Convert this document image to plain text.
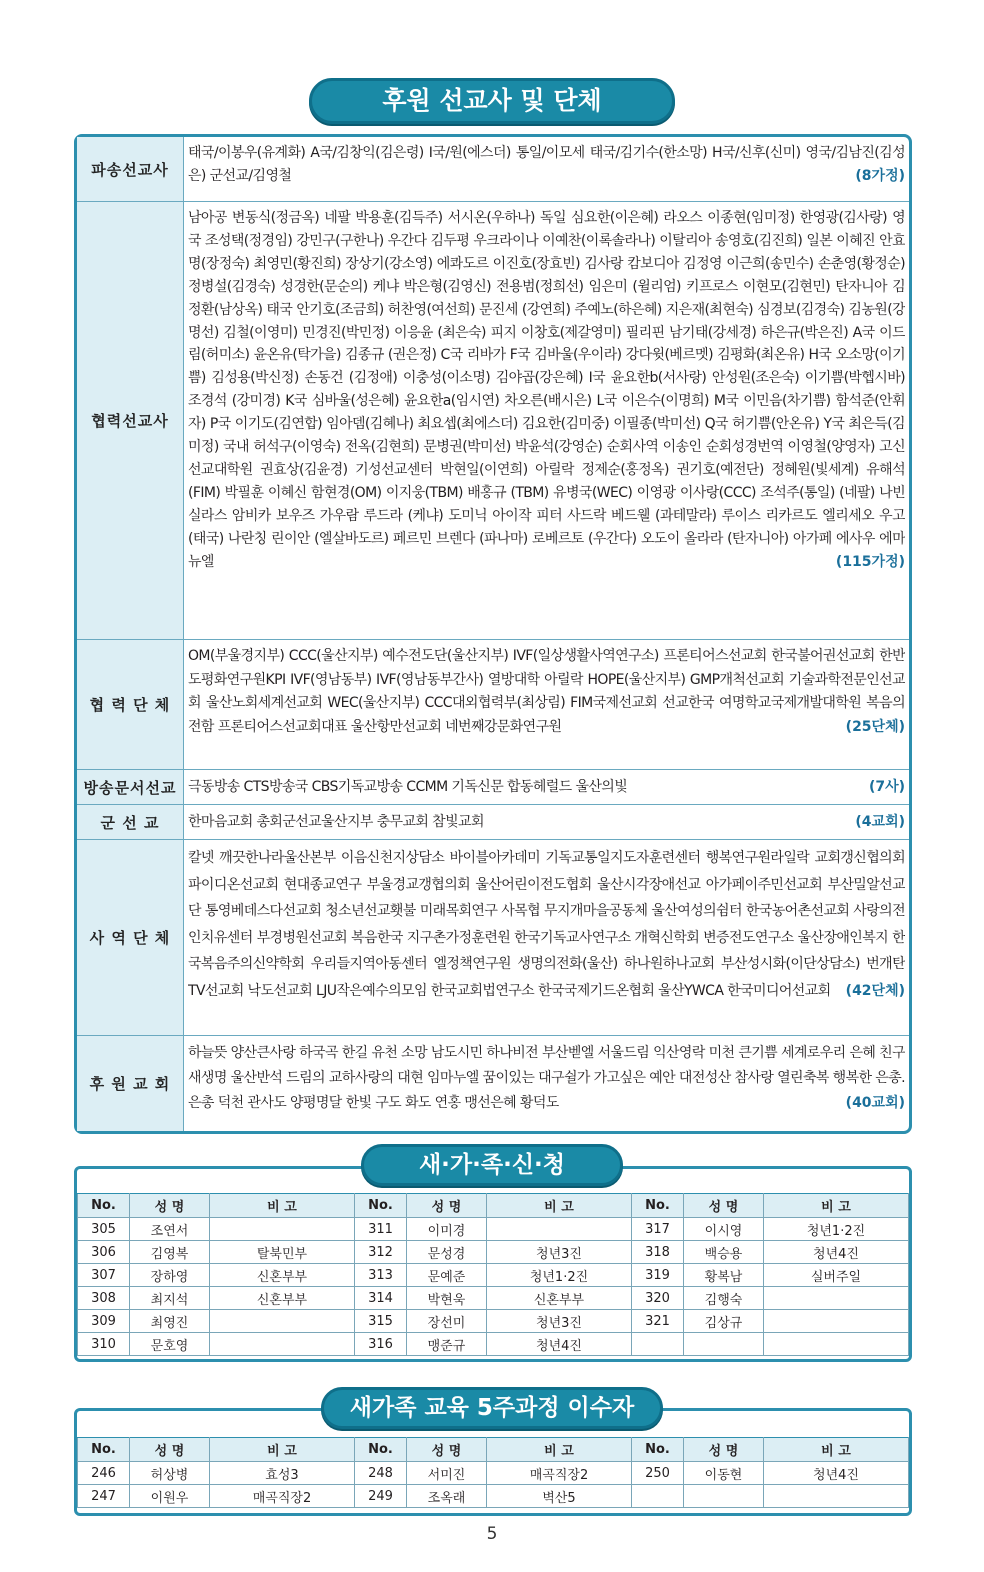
후원 선교사 및 단체
파송선교사
태국/이봉우(유계화) A국/김창익(김은령) I국/원(에스더) 통일/이모세 태국/김기수(한소망) H국/신후(신미) 영국/김남진(김성은) 군선교/김영철	(8가정)
협력선교사
남아공 변동식(정금옥) 네팔 박용훈(김득주) 서시온(우하나) 독일 심요한(이은혜) 라오스 이종현(임미정) 한영광(김사랑) 영국 조성택(정경임) 강민구(구한나) 우간다 김두평 우크라이나 이예찬(이록솔라나) 이탈리아 송영호(김진희) 일본 이혜진 안효명(장정숙) 최영민(황진희) 장상기(강소영) 에콰도르 이진호(장효빈) 김사랑 캄보디아 김정영 이근희(송민수) 손춘영(황정순) 정병설(김경숙) 성경한(문순의) 케냐 박은형(김영신) 전용범(정희선) 임은미 (윌리엄) 키프로스 이현모(김현민) 탄자니아 김정환(남상옥) 태국 안기호(조금희) 허찬영(여선희) 문진세 (강연희) 주예노(하은혜) 지은재(최현숙) 심경보(김경숙) 김농원(강명선) 김철(이영미) 민경진(박민정) 이응윤 (최은숙) 피지 이창호(제갈영미) 필리핀 남기태(강세경) 하은규(박은진) A국 이드림(허미소) 윤온유(탁가을) 김종규 (권은정) C국 리바가 F국 김바울(우이라) 강다윗(베르멧) 김평화(최온유) H국 오소망(이기쁨) 김성용(박신정) 손동건 (김정애) 이충성(이소명) 김야곱(강은혜) I국 윤요한b(서사랑) 안성원(조은숙) 이기쁨(박헵시바) 조경석 (강미경) K국 심바울(성은혜) 윤요한a(임시연) 차오른(배시은) L국 이은수(이명희) M국 이민음(차기쁨) 함석준(안휘자) P국 이기도(김연합) 임아뎀(김혜나) 최요셉(최에스더) 김요한(김미중) 이필종(박미선) Q국 허기쁨(안온유) Y국 최은득(김미정) 국내 허석구(이영숙) 전옥(김현희) 문병권(박미선) 박윤석(강영순) 순회사역 이송인 순회성경번역 이영철(양영자) 고신선교대학원 권효상(김윤경) 기성선교센터 박현일(이연희) 아릴락 정제순(홍정옥) 권기호(예전단) 정혜원(빛세계) 유해석(FIM) 박필훈 이혜신 함현경(OM) 이지웅(TBM) 배홍규 (TBM) 유병국(WEC) 이영광 이사랑(CCC) 조석주(통일) (네팔) 나빈 실라스 암비카 보우즈 가우람 루드라 (케냐) 도미닉 아이작 피터 사드락 베드웰 (과테말라) 루이스 리카르도 엘리세오 우고 (태국) 나란칭 린이안 (엘살바도르) 페르민 브렌다 (파나마) 로베르토 (우간다) 오도이 올라라 (탄자니아) 아가페 에사우 에마뉴엘	(115가정)
협 력 단 체
OM(부울경지부) CCC(울산지부) 예수전도단(울산지부) IVF(일상생활사역연구소) 프론티어스선교회 한국불어권선교회 한반도평화연구원KPI IVF(영남동부) IVF(영남동부간사) 열방대학 아릴락 HOPE(울산지부) GMP개척선교회 기술과학전문인선교회 울산노회세계선교회 WEC(울산지부) CCC대외협력부(최상림) FIM국제선교회 선교한국 여명학교국제개발대학원 복음의전함 프론티어스선교회대표 울산항만선교회 네번째강문화연구원	(25단체)
방송문서선교 극동방송 CTS방송국 CBS기독교방송 CCMM 기독신문 합동헤럴드 울산의빛	(7사)
군 선 교	한마음교회 총회군선교울산지부 충무교회 참빛교회	(4교회)
사 역 단 체
칼넷 깨끗한나라울산본부 이음신천지상담소 바이블아카데미 기독교통일지도자훈련센터 행복연구원라일락 교회갱신협의회 파이디온선교회 현대종교연구 부울경교갱협의회 울산어린이전도협회 울산시각장애선교 아가페이주민선교회 부산밀알선교단 통영베데스다선교회 청소년선교횃불 미래목회연구 사목협 무지개마을공동체 울산여성의쉼터 한국농어촌선교회 사랑의전인치유센터 부경병원선교회 복음한국 지구촌가정훈련원 한국기독교사연구소 개혁신학회 변증전도연구소 울산장애인복지 한국복음주의신약학회 우리들지역아동센터 엘정책연구원 생명의전화(울산) 하나원하나교회 부산성시화(이단상담소) 번개탄TV선교회 낙도선교회 LJU작은예수의모임 한국교회법연구소 한국국제기드온협회 울산YWCA 한국미디어선교회 (42단체)
후 원 교 회
하늘뜻 양산큰사랑 하국곡 한길 유천 소망 남도시민 하나비전 부산벧엘 서울드림 익산영락 미천 큰기쁨 세계로우리 은혜 친구 새생명 울산반석 드림의 교하사랑의 대현 임마누엘 꿈이있는 대구쉴가 가고싶은 예안 대전성산 참사랑 열린축복 행복한 은총.은총 덕천 관사도 양평명달 한빛 구도 화도 연홍 맹선은혜 황덕도	(40교회)
No.	성 명	비 고	No.	성 명	비 고	No.	성 명	비 고
305	조연서		311	이미경		317	이시영	청년1·2진
306	김영복	탈북민부	312	문성경	청년3진	318	백승용	청년4진
307	장하영	신혼부부	313	문예준	청년1·2진	319	황복남	실버주일
308	최지석	신혼부부	314	박현욱	신혼부부	320	김행숙	
309	최영진		315	장선미	청년3진	321	김상규	
310	문호영		316	맹준규	청년4진			
새·가·족·신·청
No.	성 명	비 고	No.	성 명	비 고	No.	성 명	비 고
246	허상병	효성3	248	서미진	매곡직장2	250	이동현	청년4진
247	이원우	매곡직장2	249	조옥래	벽산5			
새가족 교육 5주과정 이수자
5
